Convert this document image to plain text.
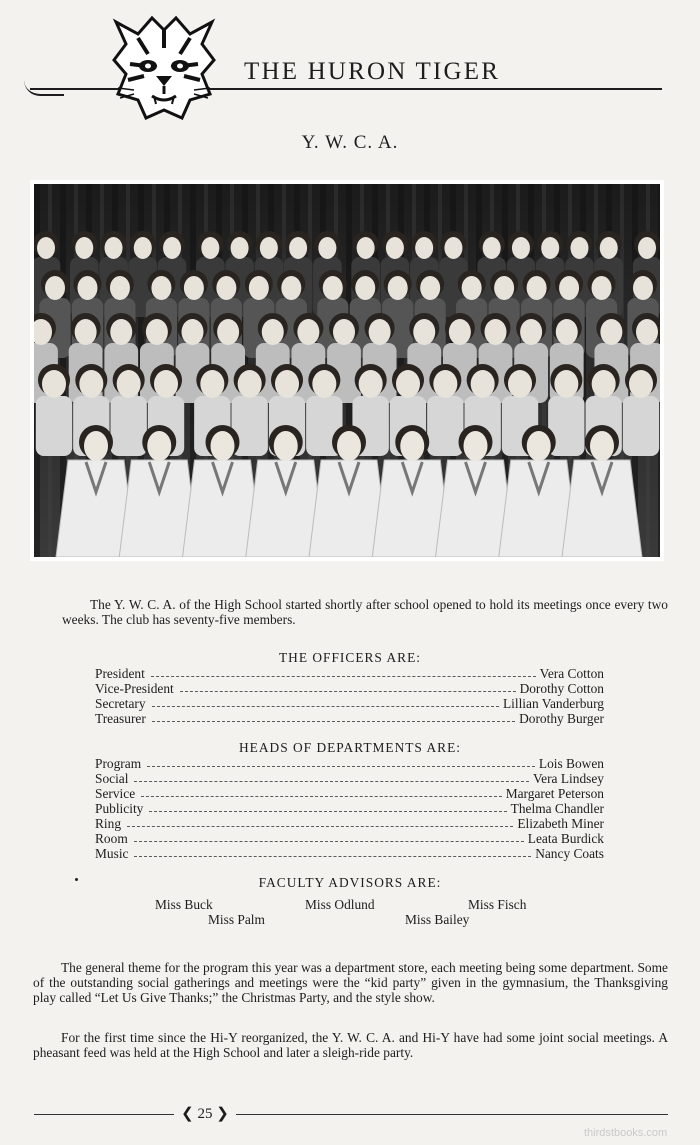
THE HURON TIGER
Y. W. C. A.
The Y. W. C. A. of the High School started shortly after school opened to hold its meetings once every two weeks. The club has seventy-five members.
THE OFFICERS ARE:
President	Vera Cotton
Vice-President	Dorothy Cotton
Secretary	Lillian Vanderburg
Treasurer	Dorothy Burger
HEADS OF DEPARTMENTS ARE:
Program	Lois Bowen
Social	Vera Lindsey
Service	Margaret Peterson
Publicity	Thelma Chandler
Ring	Elizabeth Miner
Room	Leata Burdick
Music	Nancy Coats
FACULTY ADVISORS ARE:
Miss Buck	Miss Odlund	Miss Fisch
Miss Palm	Miss Bailey
The general theme for the program this year was a department store, each meeting being some department. Some of the outstanding social gatherings and meetings were the “kid party” given in the gymnasium, the Thanksgiving play called “Let Us Give Thanks;” the Christmas Party, and the style show.
For the first time since the Hi-Y reorganized, the Y. W. C. A. and Hi-Y have had some joint social meetings. A pheasant feed was held at the High School and later a sleigh-ride party.
❮ 25 ❯
thirdstbooks.com
